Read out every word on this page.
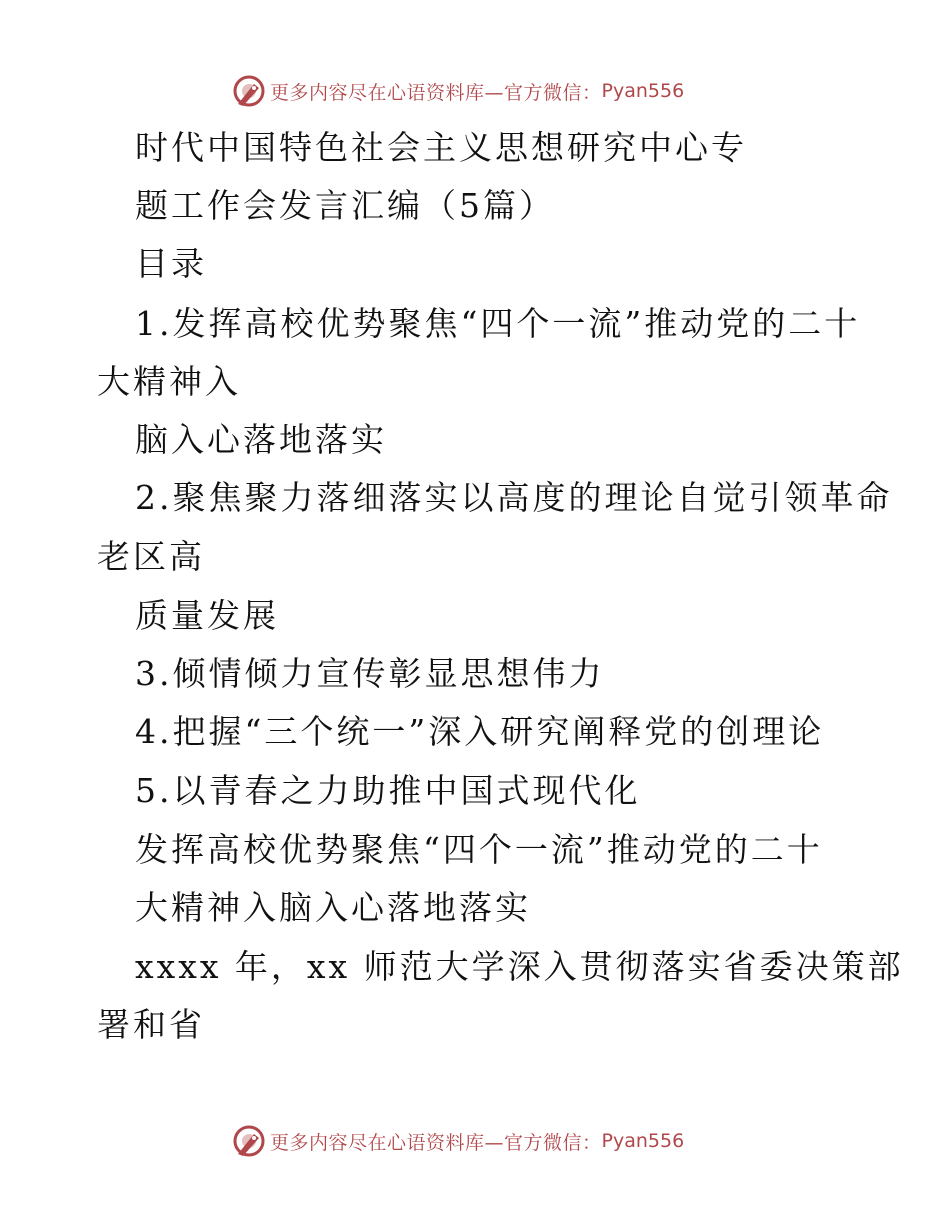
更多内容尽在心语资料库—官方微信： Pyan556
时代中国特色社会主义思想研究中心专
题工作会发言汇编（5篇）
目录
1.发挥高校优势聚焦“四个一流”推动党的二十
大精神入
脑入心落地落实
2.聚焦聚力落细落实以高度的理论自觉引领革命
老区高
质量发展
3.倾情倾力宣传彰显思想伟力
4.把握“三个统一”深入研究阐释党的创理论
5.以青春之力助推中国式现代化
发挥高校优势聚焦“四个一流”推动党的二十
大精神入脑入心落地落实
xxxx 年，xx 师范大学深入贯彻落实省委决策部
署和省
更多内容尽在心语资料库—官方微信： Pyan556
